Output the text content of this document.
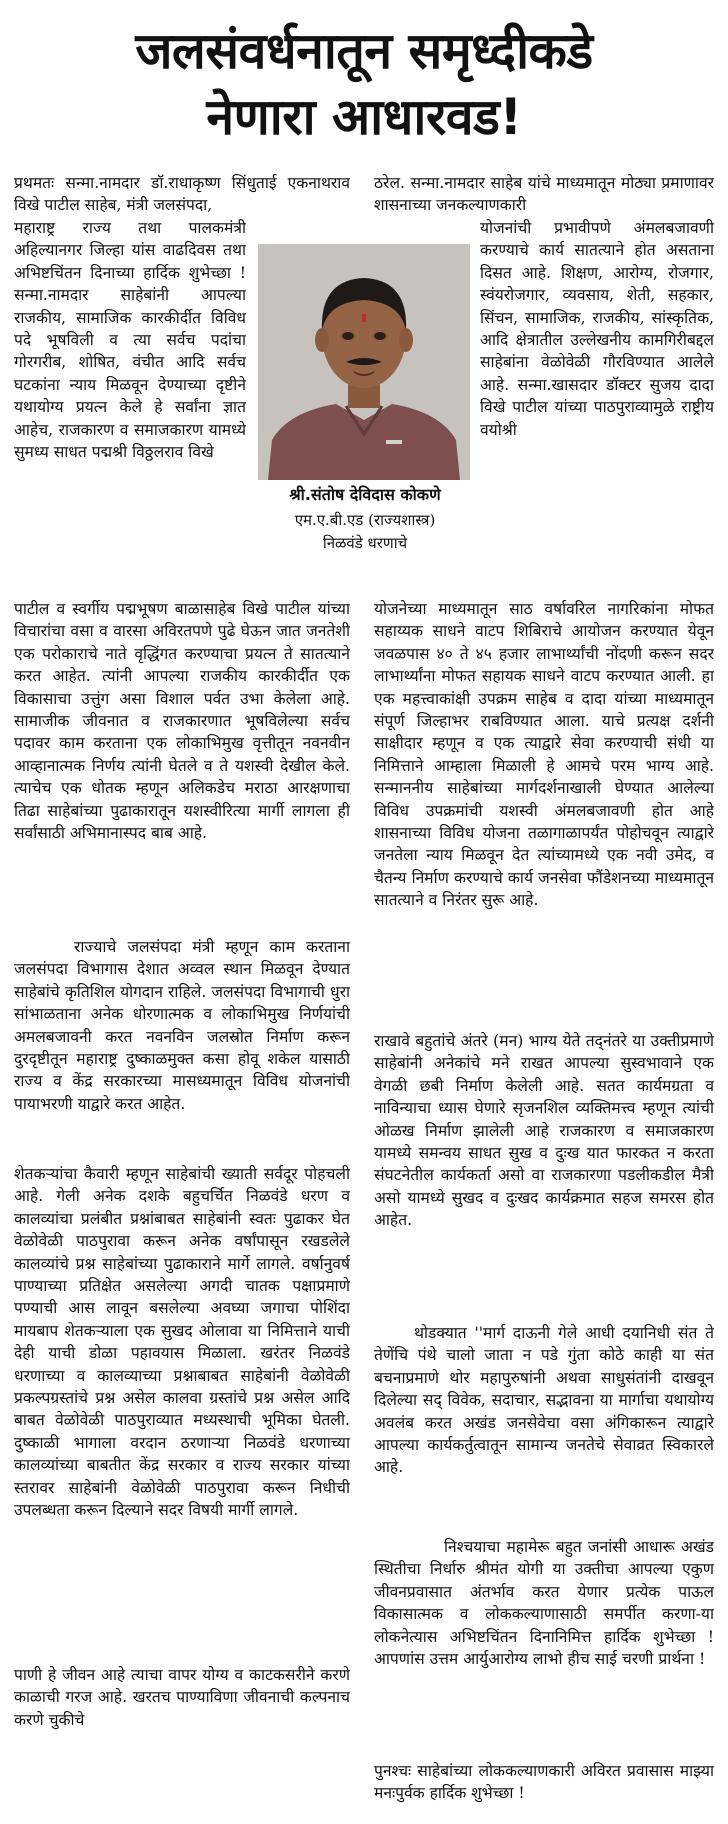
जलसंवर्धनातून समृध्दीकडे
नेणारा आधारवड!

प्रथमतः सन्मा.नामदार डॉ.राधाकृष्ण सिंधुताई एकनाथराव विखे पाटील साहेब, मंत्री जलसंपदा,

महाराष्ट्र राज्य तथा पालकमंत्री अहिल्यानगर जिल्हा यांस वाढदिवस तथा अभिष्टचिंतन दिनाच्या हार्दिक शुभेच्छा ! सन्मा.नामदार साहेबांनी आपल्या राजकीय, सामाजिक कारकीर्दीत विविध पदे भूषविली व त्या सर्वच पदांचा गोरगरीब, शोषित, वंचीत आदि सर्वच घटकांना न्याय मिळवून देण्याच्या दृष्टीने यथायोग्य प्रयत्न केले हे सर्वांना ज्ञात आहेच, राजकारण व समाजकारण यामध्ये सुमध्य साधत पद्मश्री विठ्ठलराव विखे

पाटील व स्वर्गीय पद्मभूषण बाळासाहेब विखे पाटील यांच्या विचारांचा वसा व वारसा अविरतपणे पुढे घेऊन जात जनतेशी एक परोकाराचे नाते वृद्धिंगत करण्याचा प्रयत्न ते सातत्याने करत आहेत. त्यांनी आपल्या राजकीय कारकीर्दीत एक विकासाचा उत्तुंग असा विशाल पर्वत उभा केलेला आहे. सामाजीक जीवनात व राजकारणात भूषविलेल्या सर्वच पदावर काम करताना एक लोकाभिमुख वृत्तीतून नवनवीन आव्हानात्मक निर्णय त्यांनी घेतले व ते यशस्वी देखील केले. त्याचेच एक धोतक म्हणून अलिकडेच मराठा आरक्षणाचा तिढा साहेबांच्या पुढाकारातून यशस्वीरित्या मार्गी लागला ही सर्वांसाठी अभिमानास्पद बाब आहे.

राज्याचे जलसंपदा मंत्री म्हणून काम करताना जलसंपदा विभागास देशात अव्वल स्थान मिळवून देण्यात साहेबांचे कृतिशिल योगदान राहिले. जलसंपदा विभागाची धुरा सांभाळताना अनेक धोरणात्मक व लोकाभिमुख निर्णयांची अमलबजावनी करत नवनविन जलस्रोत निर्माण करून दुरदृष्टीतून महाराष्ट्र दुष्काळमुक्त कसा होवू शकेल यासाठी राज्य व केंद्र सरकारच्या मासध्यमातून विविध योजनांची पायाभरणी याद्वारे करत आहेत.

शेतकऱ्यांचा कैवारी म्हणून साहेबांची ख्याती सर्वदूर पोहचली आहे. गेली अनेक दशके बहुचर्चित निळवंडे धरण व कालव्यांचा प्रलंबीत प्रश्नांबाबत साहेबांनी स्वतः पुढाकर घेत वेळोवेळी पाठपुरावा करून अनेक वर्षांपासून रखडलेले कालव्यांचे प्रश्न साहेबांच्या पुढाकाराने मार्गे लागले. वर्षानुवर्ष पाण्याच्या प्रतिक्षेत असलेल्या अगदी चातक पक्षाप्रमाणे पण्याची आस लावून बसलेल्या अवघ्या जगाचा पोशिंदा मायबाप शेतकऱ्याला एक सुखद ओलावा या निमित्ताने याची देही याची डोळा पहावयास मिळाला. खरंतर निळवंडे धरणाच्या व कालव्याच्या प्रश्नाबाबत साहेबांनी वेळोवेळी प्रकल्पग्रस्तांचे प्रश्न असेल कालवा ग्रस्तांचे प्रश्न असेल आदि बाबत वेळोवेळी पाठपुराव्यात मध्यस्थाची भूमिका घेतली. दुष्काळी भागाला वरदान ठरणाऱ्या निळवंडे धरणाच्या कालव्यांच्या बाबतीत केंद्र सरकार व राज्य सरकार यांच्या स्तरावर साहेबांनी वेळोवेळी पाठपुरावा करून निधीची उपलब्धता करून दिल्याने सदर विषयी मार्गी लागले.

पाणी हे जीवन आहे त्याचा वापर योग्य व काटकसरीने करणे काळाची गरज आहे. खरतच पाण्याविणा जीवनाची कल्पनाच करणे चुकीचे

श्री.संतोष देविदास कोकणे

एम.ए.बी.एड (राज्यशास्त्र)

निळवंडे धरणाचे

ठरेल. सन्मा.नामदार साहेब यांचे माध्यमातून मोठ्या प्रमाणावर शासनाच्या जनकल्याणकारी

योजनांची प्रभावीपणे अंमलबजावणी करण्याचे कार्य सातत्याने होत असताना दिसत आहे. शिक्षण, आरोग्य, रोजगार, स्वंयरोजगार, व्यवसाय, शेती, सहकार, सिंचन, सामाजिक, राजकीय, सांस्कृतिक, आदि क्षेत्रातील उल्लेखनीय कामगिरीबद्दल साहेबांना वेळोवेळी गौरविण्यात आलेले आहे. सन्मा.खासदार डॉक्टर सुजय दादा विखे पाटील यांच्या पाठपुराव्यामुळे राष्ट्रीय वयोश्री

योजनेच्या माध्यमातून साठ वर्षावरिल नागरिकांना मोफत सहाय्यक साधने वाटप शिबिराचे आयोजन करण्यात येवून जवळपास ४० ते ४५ हजार लाभार्थ्यांची नोंदणी करून सदर लाभार्थ्यांना मोफत सहायक साधने वाटप करण्यात आली. हा एक महत्त्वाकांक्षी उपक्रम साहेब व दादा यांच्या माध्यमातून संपूर्ण जिल्हाभर राबविण्यात आला. याचे प्रत्यक्ष दर्शनी साक्षीदार म्हणून व एक त्याद्वारे सेवा करण्याची संधी या निमित्ताने आम्हाला मिळाली हे आमचे परम भाग्य आहे. सन्माननीय साहेबांच्या मार्गदर्शनाखाली घेण्यात आलेल्या विविध उपक्रमांची यशस्वी अंमलबजावणी होत आहे शासनाच्या विविध योजना तळागाळापर्यंत पोहोचवून त्याद्वारे जनतेला न्याय मिळवून देत त्यांच्यामध्ये एक नवी उमेद, व चैतन्य निर्माण करण्याचे कार्य जनसेवा फौंडेशनच्या माध्यमातून सातत्याने व निरंतर सुरू आहे.

राखावे बहुतांचे अंतरे (मन) भाग्य येते तद्नंतरे या उक्तीप्रमाणे साहेबांनी अनेकांचे मने राखत आपल्या सुस्वभावाने एक वेगळी छबी निर्माण केलेली आहे. सतत कार्यमग्रता व नाविन्याचा ध्यास घेणारे सृजनशिल व्यक्तिमत्त्व म्हणून त्यांची ओळख निर्माण झालेली आहे राजकारण व समाजकारण यामध्ये समन्वय साधत सुख व दुःख यात फारकत न करता संघटनेतील कार्यकर्ता असो वा राजकारणा पडलीकडील मैत्री असो यामध्ये सुखद व दुःखद कार्यक्रमात सहज समरस होत आहेत.

थोडक्यात ''मार्ग दाऊनी गेले आधी दयानिधी संत ते तेणेंचि पंथे चालो जाता न पडे गुंता कोठे काही या संत बचनाप्रमाणे थोर महापुरुषांनी अथवा साधुसंतांनी दाखवून दिलेल्या सद् विवेक, सदाचार, सद्भावना या मार्गाचा यथायोग्य अवलंब करत अखंड जनसेवेचा वसा अंगिकारून त्याद्वारे आपल्या कार्यकर्तुत्वातून सामान्य जनतेचे सेवाव्रत स्विकारले आहे.

निश्चयाचा महामेरू बहुत जनांसी आधारू अखंड स्थितीचा निर्धारु श्रीमंत योगी या उक्तीचा आपल्या एकुण जीवनप्रवासात अंतर्भाव करत येणार प्रत्येक पाऊल विकासात्मक व लोककल्याणासाठी समर्पीत करणा-या लोकनेत्यास अभिष्टचिंतन दिनानिमित्त हार्दिक शुभेच्छा ! आपणांस उत्तम आर्युआरोग्य लाभो हीच साई चरणी प्रार्थना !

पुनश्चः साहेबांच्या लोककल्याणकारी अविरत प्रवासास माझ्या मनःपुर्वक हार्दिक शुभेच्छा !
